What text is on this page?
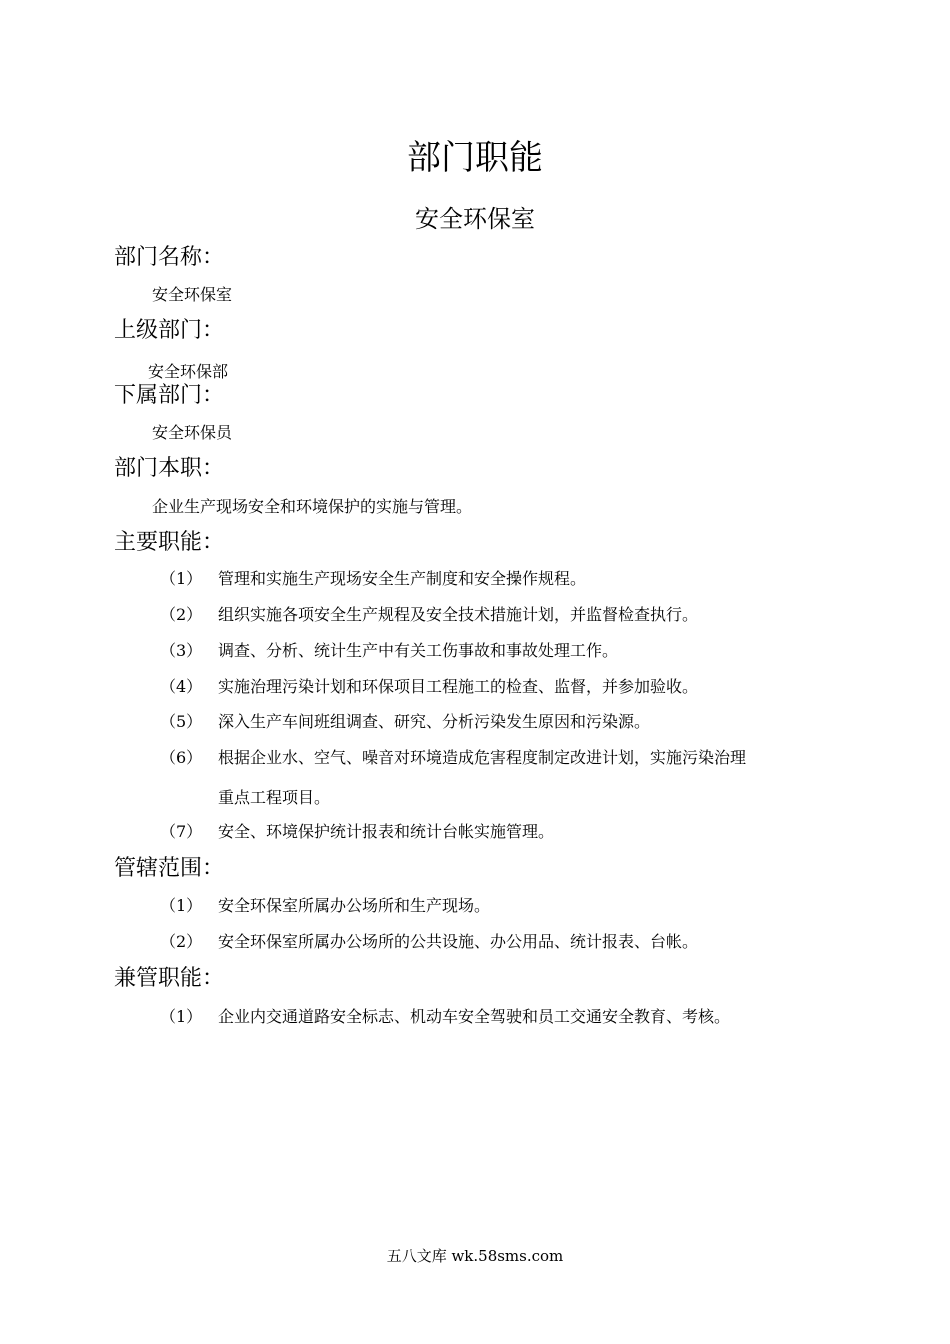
部门职能
安全环保室
部门名称：
安全环保室
上级部门：
安全环保部
下属部门：
安全环保员
部门本职：
企业生产现场安全和环境保护的实施与管理。
主要职能：
（1） 管理和实施生产现场安全生产制度和安全操作规程。
（2） 组织实施各项安全生产规程及安全技术措施计划，并监督检查执行。
（3） 调查、分析、统计生产中有关工伤事故和事故处理工作。
（4） 实施治理污染计划和环保项目工程施工的检查、监督，并参加验收。
（5） 深入生产车间班组调查、研究、分析污染发生原因和污染源。
（6） 根据企业水、空气、噪音对环境造成危害程度制定改进计划，实施污染治理
重点工程项目。
（7） 安全、环境保护统计报表和统计台帐实施管理。
管辖范围：
（1） 安全环保室所属办公场所和生产现场。
（2） 安全环保室所属办公场所的公共设施、办公用品、统计报表、台帐。
兼管职能：
（1） 企业内交通道路安全标志、机动车安全驾驶和员工交通安全教育、考核。
五八文库 wk.58sms.com
